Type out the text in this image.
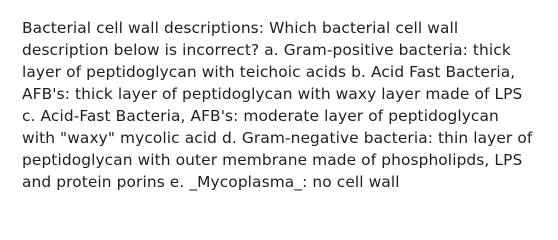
Bacterial cell wall descriptions: Which bacterial cell wall
description below is incorrect? a. Gram-positive bacteria: thick
layer of peptidoglycan with teichoic acids b. Acid Fast Bacteria,
AFB's: thick layer of peptidoglycan with waxy layer made of LPS
c. Acid-Fast Bacteria, AFB's: moderate layer of peptidoglycan
with "waxy" mycolic acid d. Gram-negative bacteria: thin layer of
peptidoglycan with outer membrane made of phospholipds, LPS
and protein porins e. _Mycoplasma_: no cell wall
